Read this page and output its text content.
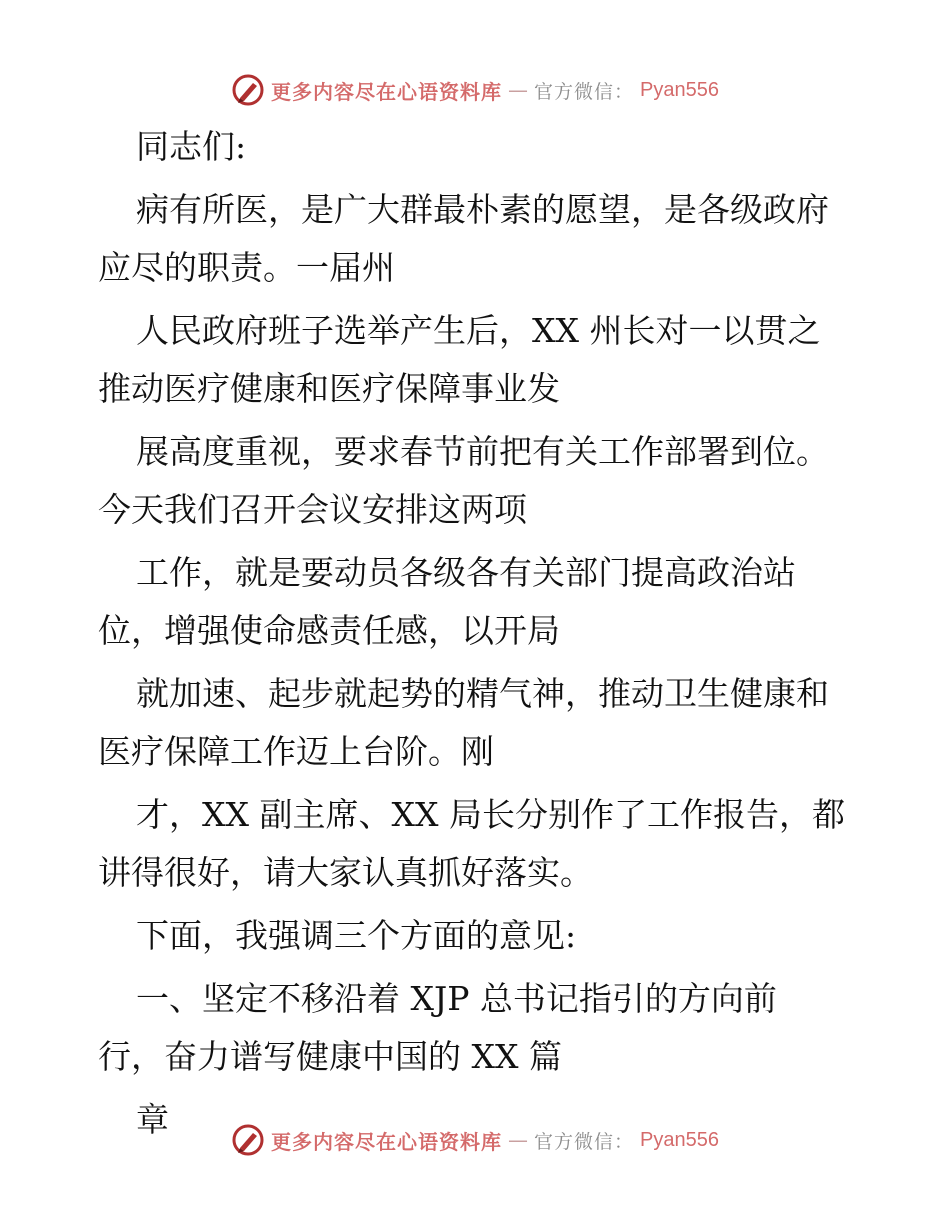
更多内容尽在心语资料库 — 官方微信： Pyan556
同志们:
病有所医，是广大群最朴素的愿望，是各级政府
应尽的职责。一届州
人民政府班子选举产生后，XX 州长对一以贯之
推动医疗健康和医疗保障事业发
展高度重视，要求春节前把有关工作部署到位。
今天我们召开会议安排这两项
工作，就是要动员各级各有关部门提高政治站
位，增强使命感责任感，以开局
就加速、起步就起势的精气神，推动卫生健康和
医疗保障工作迈上台阶。刚
才，XX 副主席、XX 局长分别作了工作报告，都
讲得很好，请大家认真抓好落实。
下面，我强调三个方面的意见:
一、坚定不移沿着 XJP 总书记指引的方向前
行，奋力谱写健康中国的 XX 篇
章
更多内容尽在心语资料库 — 官方微信： Pyan556
